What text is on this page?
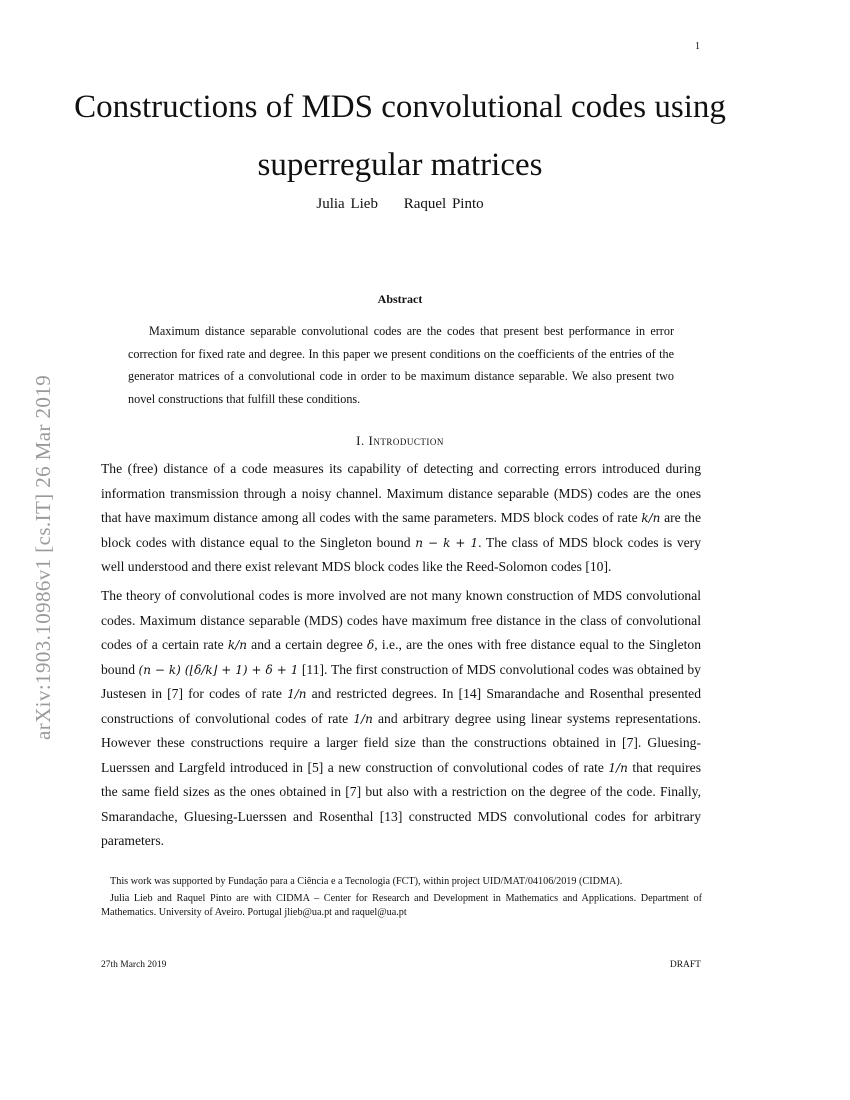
1
arXiv:1903.10986v1 [cs.IT] 26 Mar 2019
Constructions of MDS convolutional codes using superregular matrices
Julia Lieb Raquel Pinto
Abstract
Maximum distance separable convolutional codes are the codes that present best performance in error correction for fixed rate and degree. In this paper we present conditions on the coefficients of the entries of the generator matrices of a convolutional code in order to be maximum distance separable. We also present two novel constructions that fulfill these conditions.
I. Introduction
The (free) distance of a code measures its capability of detecting and correcting errors introduced during information transmission through a noisy channel. Maximum distance separable (MDS) codes are the ones that have maximum distance among all codes with the same parameters. MDS block codes of rate k/n are the block codes with distance equal to the Singleton bound n − k + 1. The class of MDS block codes is very well understood and there exist relevant MDS block codes like the Reed-Solomon codes [10].
The theory of convolutional codes is more involved are not many known construction of MDS convolutional codes. Maximum distance separable (MDS) codes have maximum free distance in the class of convolutional codes of a certain rate k/n and a certain degree δ, i.e., are the ones with free distance equal to the Singleton bound (n − k) (⌊δ/k⌋ + 1) + δ + 1 [11]. The first construction of MDS convolutional codes was obtained by Justesen in [7] for codes of rate 1/n and restricted degrees. In [14] Smarandache and Rosenthal presented constructions of convolutional codes of rate 1/n and arbitrary degree using linear systems representations. However these constructions require a larger field size than the constructions obtained in [7]. Gluesing-Luerssen and Largfeld introduced in [5] a new construction of convolutional codes of rate 1/n that requires the same field sizes as the ones obtained in [7] but also with a restriction on the degree of the code. Finally, Smarandache, Gluesing-Luerssen and Rosenthal [13] constructed MDS convolutional codes for arbitrary parameters.
This work was supported by Fundação para a Ciência e a Tecnologia (FCT), within project UID/MAT/04106/2019 (CIDMA).
Julia Lieb and Raquel Pinto are with CIDMA – Center for Research and Development in Mathematics and Applications. Department of Mathematics. University of Aveiro. Portugal jlieb@ua.pt and raquel@ua.pt
27th March 2019	DRAFT
